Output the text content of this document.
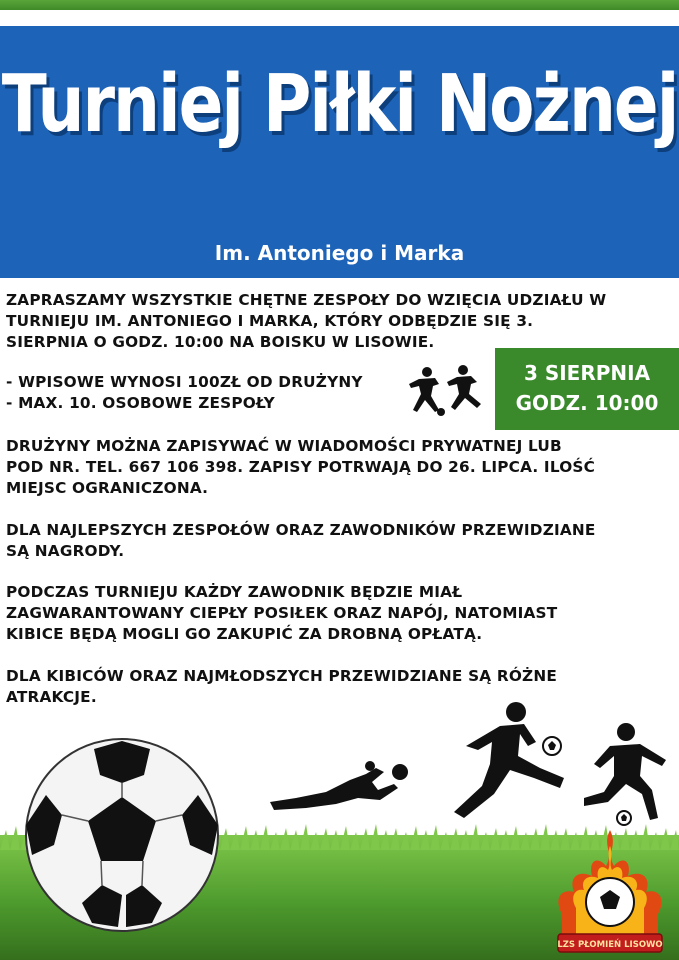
Turniej Piłki Nożnej
Im. Antoniego i Marka
ZAPRASZAMY WSZYSTKIE CHĘTNE ZESPOŁY DO WZIĘCIA UDZIAŁU W
TURNIEJU IM. ANTONIEGO I MARKA, KTÓRY ODBĘDZIE SIĘ 3.
SIERPNIA O GODZ. 10:00 NA BOISKU W LISOWIE.
- WPISOWE WYNOSI 100ZŁ OD DRUŻYNY
- MAX. 10. OSOBOWE ZESPOŁY
DRUŻYNY MOŻNA ZAPISYWAĆ W WIADOMOŚCI PRYWATNEJ LUB
POD NR. TEL. 667 106 398. ZAPISY POTRWAJĄ DO 26. LIPCA. ILOŚĆ
MIEJSC OGRANICZONA.
DLA NAJLEPSZYCH ZESPOŁÓW ORAZ ZAWODNIKÓW PRZEWIDZIANE
SĄ NAGRODY.
PODCZAS TURNIEJU KAŻDY ZAWODNIK BĘDZIE MIAŁ
ZAGWARANTOWANY CIEPŁY POSIŁEK ORAZ NAPÓJ, NATOMIAST
KIBICE BĘDĄ MOGLI GO ZAKUPIĆ ZA DROBNĄ OPŁATĄ.
DLA KIBICÓW ORAZ NAJMŁODSZYCH PRZEWIDZIANE SĄ RÓŻNE
ATRAKCJE.
3 SIERPNIA
GODZ. 10:00
LZS PŁOMIEŃ LISOWO
